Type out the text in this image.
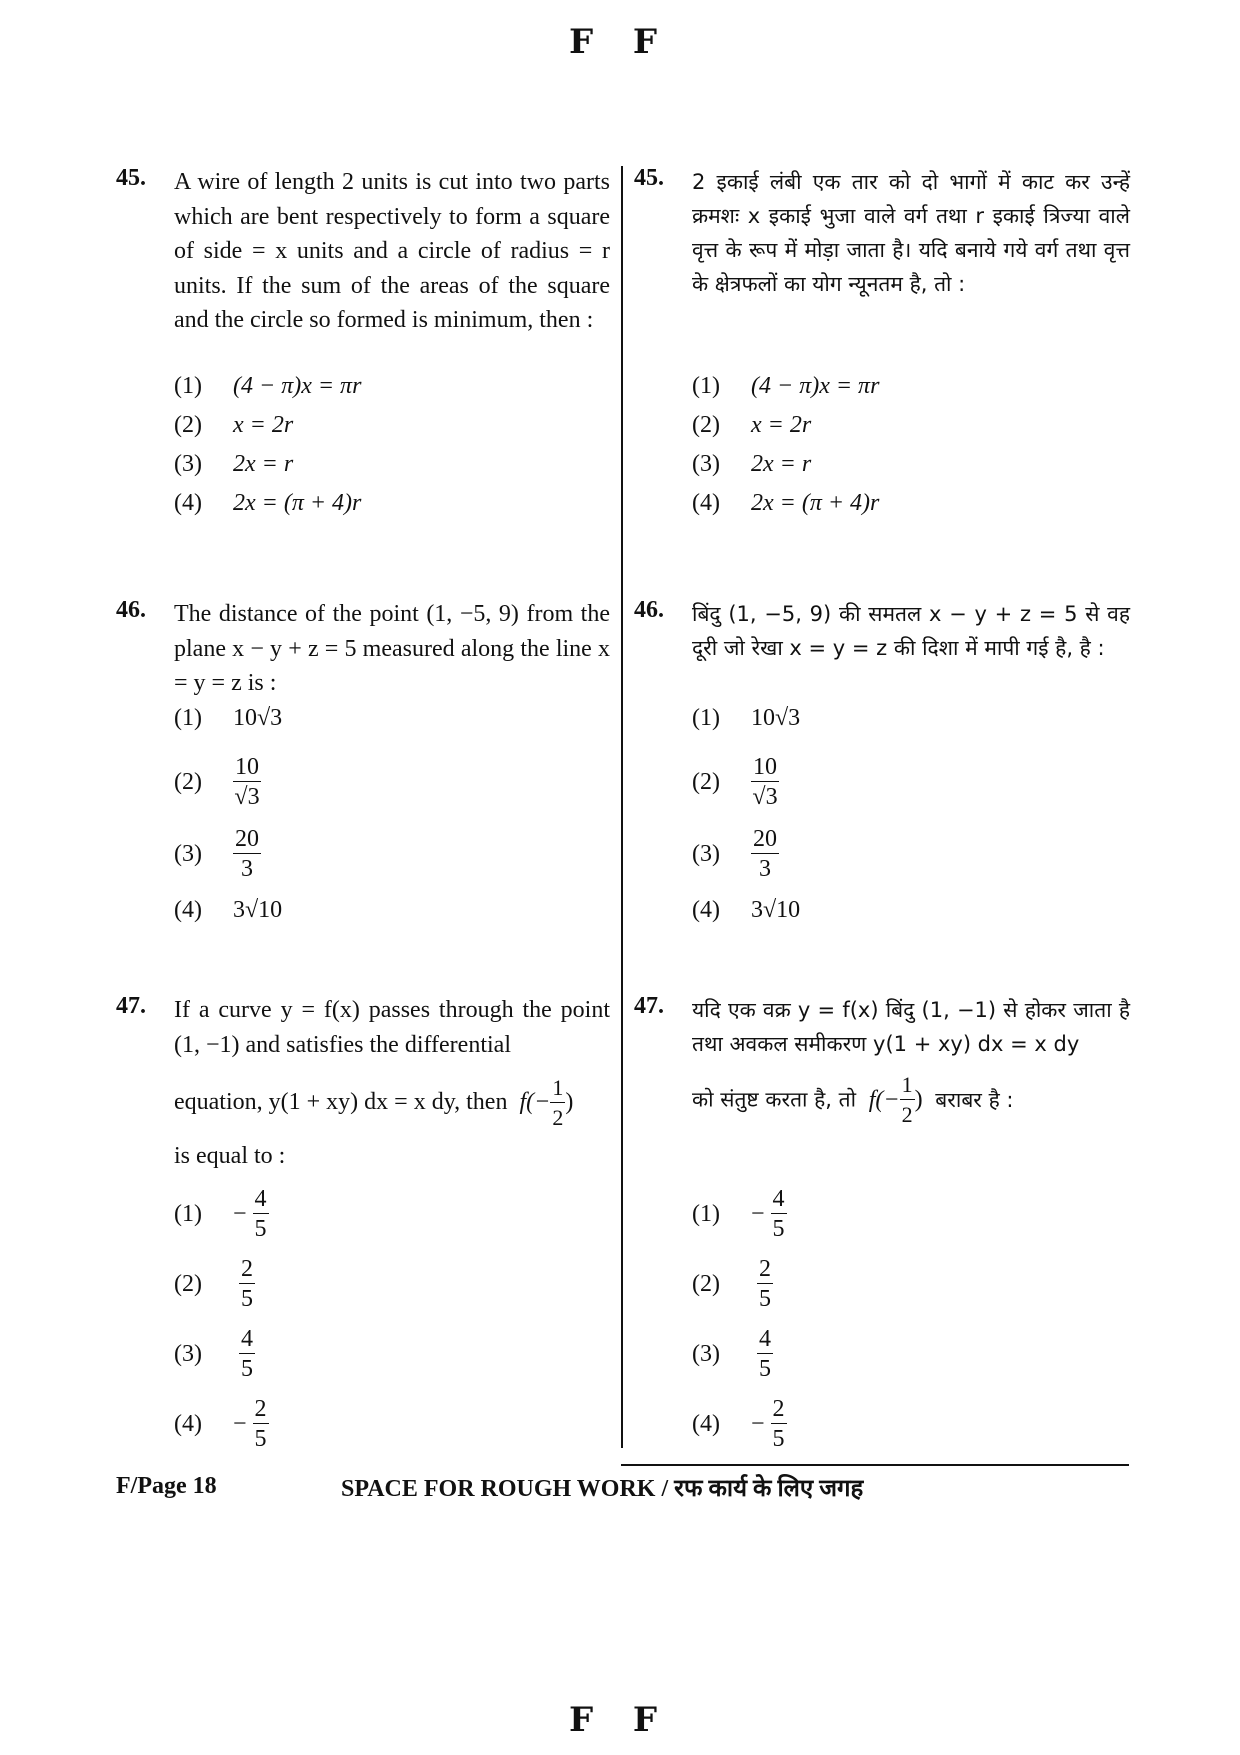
F F
45. A wire of length 2 units is cut into two parts which are bent respectively to form a square of side = x units and a circle of radius = r units. If the sum of the areas of the square and the circle so formed is minimum, then :
(1) (4 − π)x = πr
(2) x = 2r
(3) 2x = r
(4) 2x = (π + 4)r
46. The distance of the point (1, −5, 9) from the plane x − y + z = 5 measured along the line x = y = z is :
(1) 10√3
$(2) \frac{10}{√3}$
$(3) \frac{20}{3}$
(4) 3√10
47. If a curve y = f(x) passes through the point (1, −1) and satisfies the differential
equation, y(1 + xy) dx = x dy, then $f(- \frac{1}{2}$ )
is equal to :
$(1) - \frac{4}{5}$
$(2) \frac{2}{5}$
$(3) \frac{4}{5}$
$(4) - \frac{2}{5}$
45. 2 इकाई लंबी एक तार को दो भागों में काट कर उन्हें क्रमशः x इकाई भुजा वाले वर्ग तथा r इकाई त्रिज्या वाले वृत्त के रूप में मोड़ा जाता है। यदि बनाये गये वर्ग तथा वृत्त के क्षेत्रफलों का योग न्यूनतम है, तो :
(1) (4 − π)x = πr
(2) x = 2r
(3) 2x = r
(4) 2x = (π + 4)r
46. बिंदु (1, −5, 9) की समतल x − y + z = 5 से वह दूरी जो रेखा x = y = z की दिशा में मापी गई है, है :
(1) 10√3
$(2) \frac{10}{√3}$
$(3) \frac{20}{3}$
(4) 3√10
47. यदि एक वक्र y = f(x) बिंदु (1, −1) से होकर जाता है तथा अवकल समीकरण y(1 + xy) dx = x dy
को संतुष्ट करता है, तो $f(- \frac{1}{2}$ ) बराबर है :
$(1) - \frac{4}{5}$
$(2) \frac{2}{5}$
$(3) \frac{4}{5}$
$(4) - \frac{2}{5}$
F/Page 18	SPACE FOR ROUGH WORK / रफ कार्य के लिए जगह
F F
